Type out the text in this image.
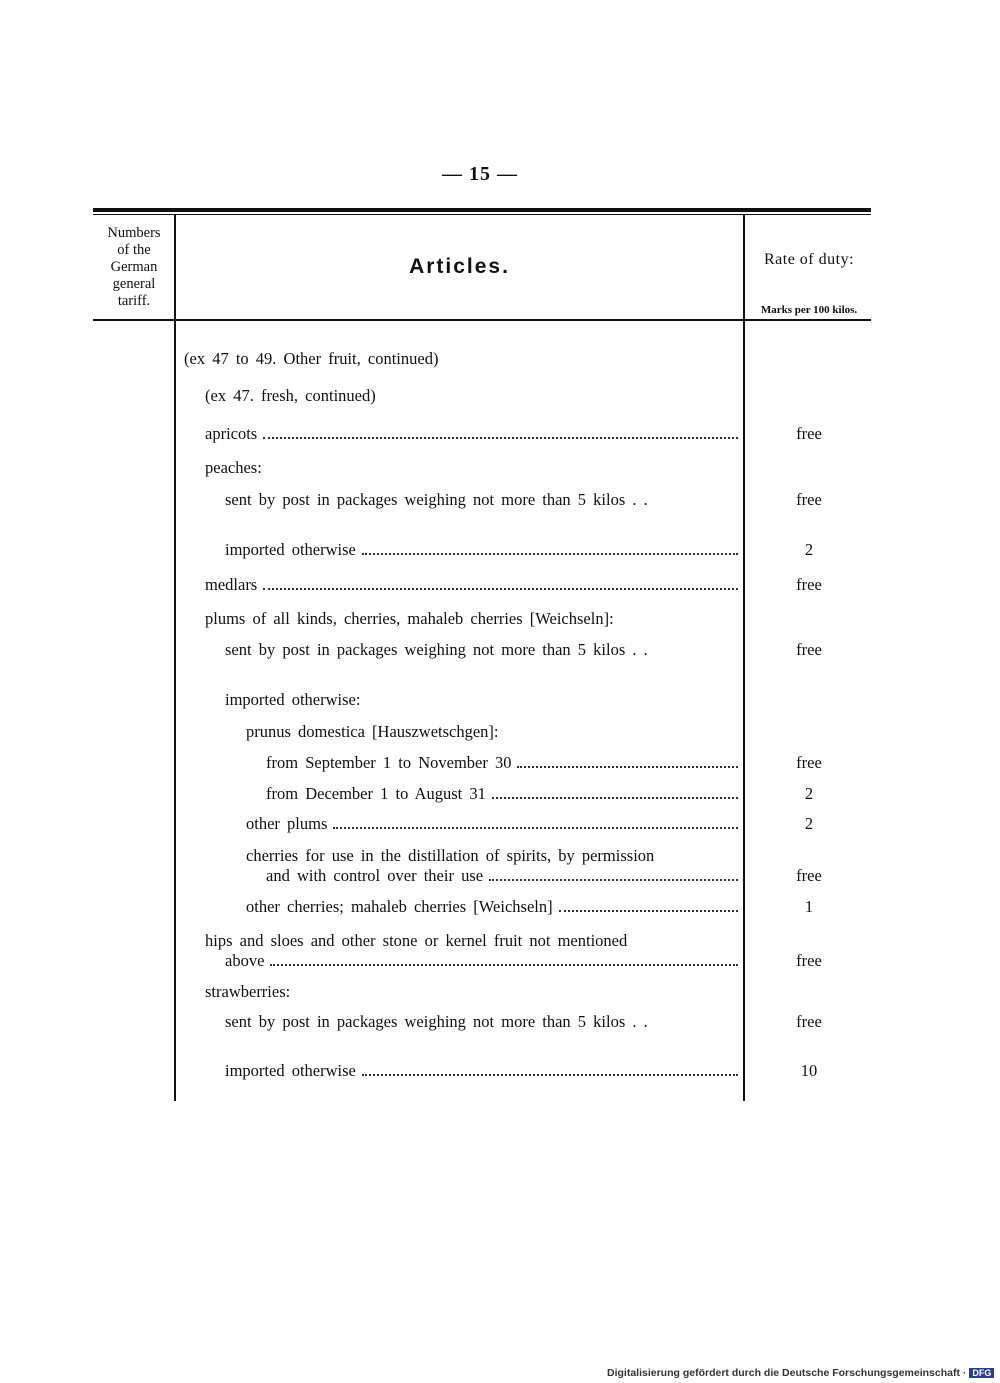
— 15 —
Numbers
of the
German
general
tariff.
Articles.	Rate of duty:
Marks per 100 kilos.
(ex 47 to 49. Other fruit, continued)
(ex 47. fresh, continued)
apricots	free
peaches:
sent by post in packages weighing not more than 5 kilos . .	free
imported otherwise	2
medlars	free
plums of all kinds, cherries, mahaleb cherries [Weichseln]:
sent by post in packages weighing not more than 5 kilos . .	free
imported otherwise:
prunus domestica [Hauszwetschgen]:
from September 1 to November 30	free
from December 1 to August 31	2
other plums	2
cherries for use in the distillation of spirits, by permission
and with control over their use	free
other cherries; mahaleb cherries [Weichseln]	1
hips and sloes and other stone or kernel fruit not mentioned
above	free
strawberries:
sent by post in packages weighing not more than 5 kilos . .	free
imported otherwise	10
Digitalisierung gefördert durch die Deutsche Forschungsgemeinschaft · DFG
